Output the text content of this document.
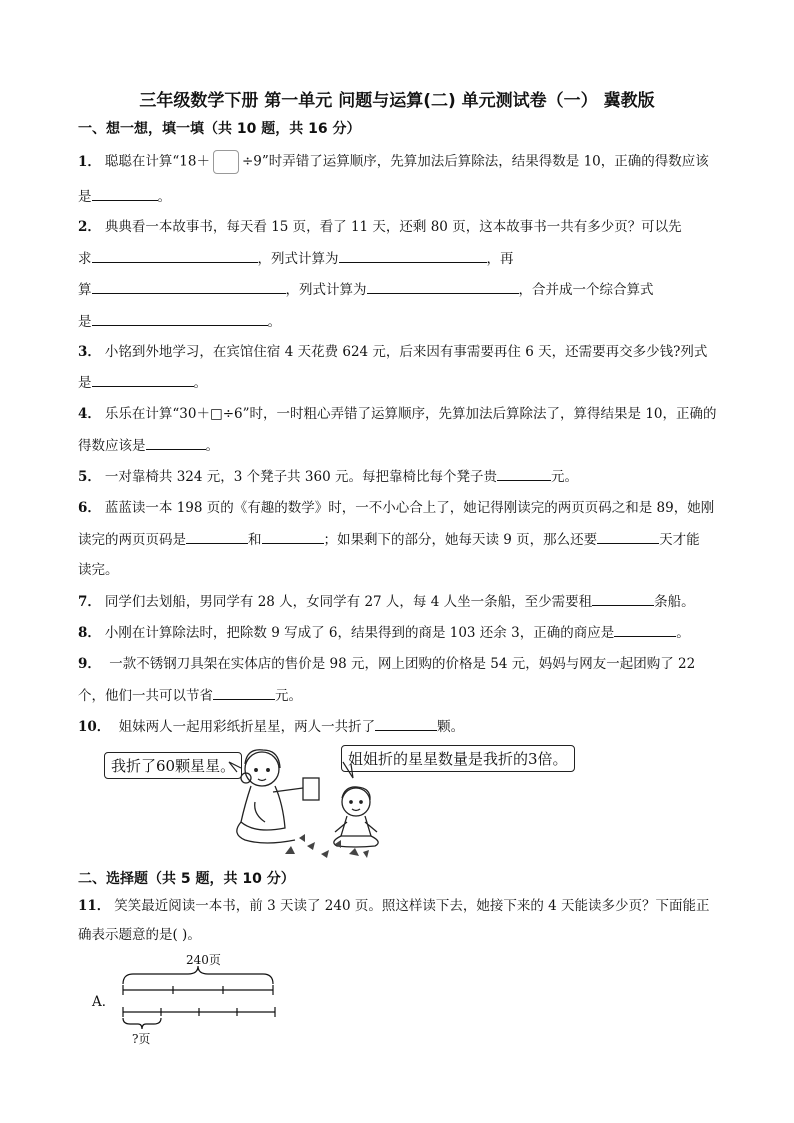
三年级数学下册 第一单元 问题与运算(二) 单元测试卷（一） 冀教版
一、想一想，填一填（共 10 题，共 16 分）
1． 聪聪在计算“18＋ ÷9”时弄错了运算顺序，先算加法后算除法，结果得数是 10，正确的得数应该
是	。
2． 典典看一本故事书，每天看 15 页，看了 11 天，还剩 80 页，这本故事书一共有多少页？可以先
求	，列式计算为	，再
算	，列式计算为	，合并成一个综合算式
是	。
3． 小铭到外地学习，在宾馆住宿 4 天花费 624 元，后来因有事需要再住 6 天，还需要再交多少钱?列式
是	。
4． 乐乐在计算“30＋□÷6”时，一时粗心弄错了运算顺序，先算加法后算除法了，算得结果是 10，正确的
得数应该是	。
5． 一对靠椅共 324 元，3 个凳子共 360 元。每把靠椅比每个凳子贵	元。
6． 蓝蓝读一本 198 页的《有趣的数学》时，一不小心合上了，她记得刚读完的两页页码之和是 89，她刚
读完的两页页码是	和	；如果剩下的部分，她每天读 9 页，那么还要	天才能
读完。
7． 同学们去划船，男同学有 28 人，女同学有 27 人，每 4 人坐一条船，至少需要租	条船。
8． 小刚在计算除法时，把除数 9 写成了 6，结果得到的商是 103 还余 3，正确的商应是	。
9． 一款不锈钢刀具架在实体店的售价是 98 元，网上团购的价格是 54 元，妈妈与网友一起团购了 22
个，他们一共可以节省	元。
10． 姐妹两人一起用彩纸折星星，两人一共折了	颗。
我折了60颗星星。	姐姐折的星星数量是我折的3倍。
二、选择题（共 5 题，共 10 分）
11． 笑笑最近阅读一本书，前 3 天读了 240 页。照这样读下去，她接下来的 4 天能读多少页？下面能正
确表示题意的是( )。
A．
240页
?页
